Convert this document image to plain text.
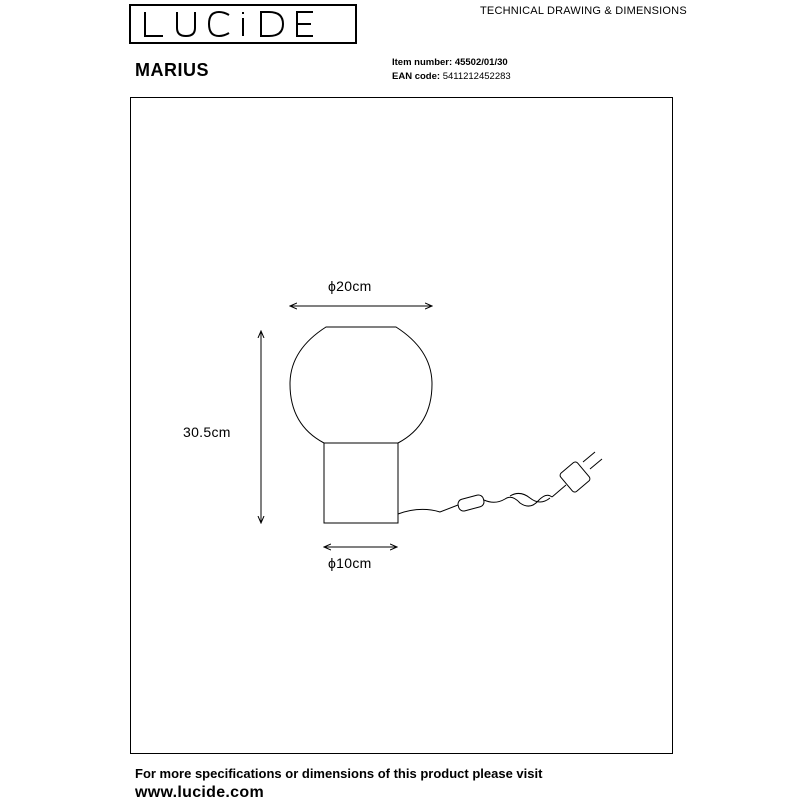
TECHNICAL DRAWING & DIMENSIONS
MARIUS	Item number: 45502/01/30
EAN code: 5411212452283
ϕ20cm
30.5cm
ϕ10cm
For more specifications or dimensions of this product please visit
www.lucide.com
